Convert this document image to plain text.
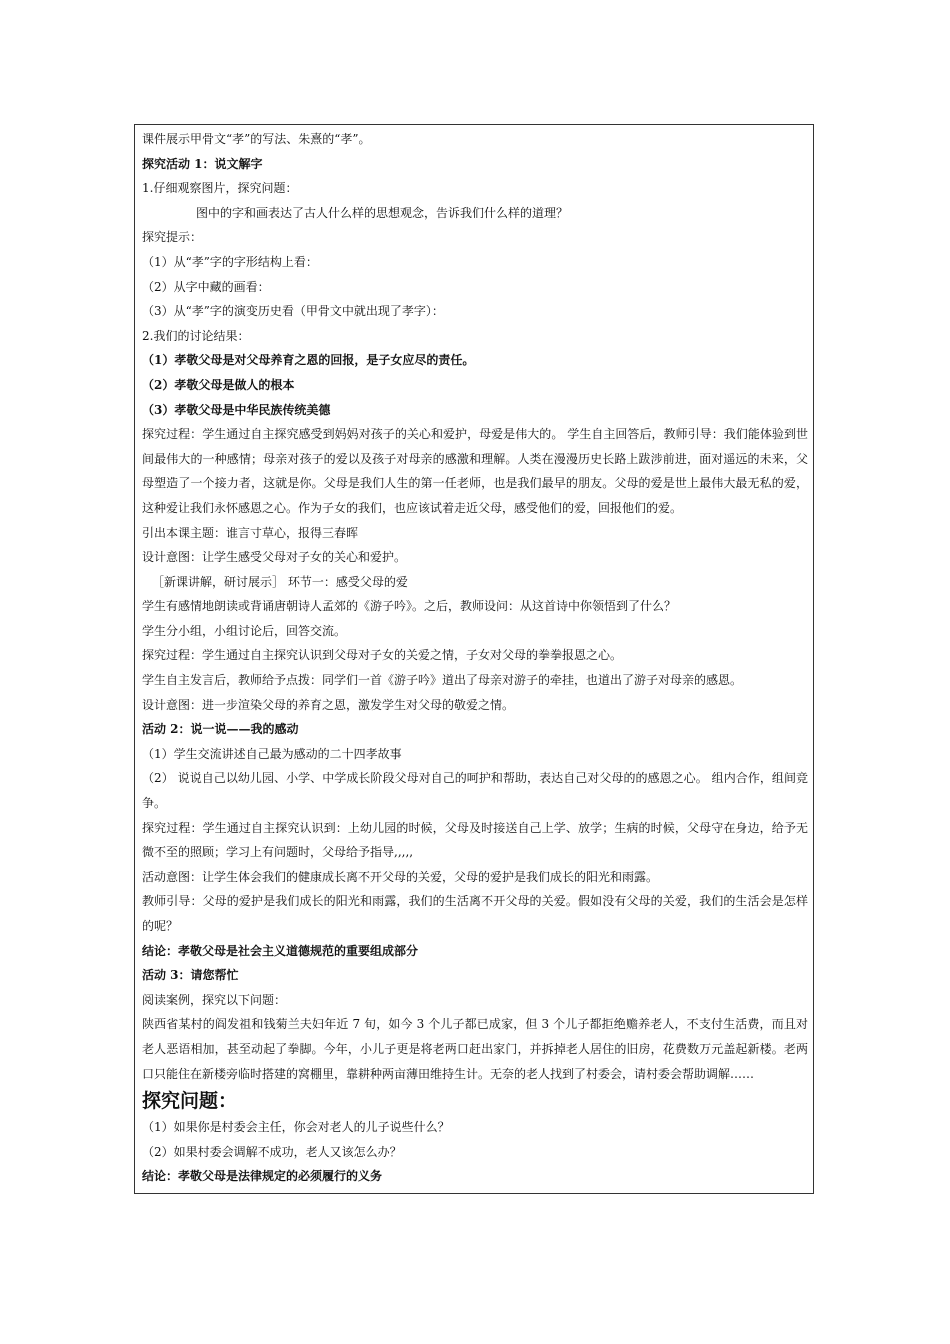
课件展示甲骨文“孝”的写法、朱熹的“孝”。
探究活动 1：说文解字
1.仔细观察图片，探究问题：
图中的字和画表达了古人什么样的思想观念，告诉我们什么样的道理？
探究提示：
（1）从“孝”字的字形结构上看：
（2）从字中藏的画看：
（3）从“孝”字的演变历史看（甲骨文中就出现了孝字）：
2.我们的讨论结果：
（1）孝敬父母是对父母养育之恩的回报，是子女应尽的责任。
（2）孝敬父母是做人的根本
（3）孝敬父母是中华民族传统美德
探究过程：学生通过自主探究感受到妈妈对孩子的关心和爱护，母爱是伟大的。 学生自主回答后，教师引导：我们能体验到世间最伟大的一种感情；母亲对孩子的爱以及孩子对母亲的感激和理解。人类在漫漫历史长路上跋涉前进，面对遥远的未来，父母塑造了一个接力者，这就是你。父母是我们人生的第一任老师，也是我们最早的朋友。父母的爱是世上最伟大最无私的爱，这种爱让我们永怀感恩之心。作为子女的我们，也应该试着走近父母，感受他们的爱，回报他们的爱。
引出本课主题：谁言寸草心，报得三春晖
设计意图：让学生感受父母对子女的关心和爱护。
［新课讲解，研讨展示］ 环节一：感受父母的爱
学生有感情地朗读或背诵唐朝诗人孟郊的《游子吟》。之后，教师设问：从这首诗中你领悟到了什么？
学生分小组，小组讨论后，回答交流。
探究过程：学生通过自主探究认识到父母对子女的关爱之情，子女对父母的拳拳报恩之心。
学生自主发言后，教师给予点拨：同学们一首《游子吟》道出了母亲对游子的牵挂，也道出了游子对母亲的感恩。
设计意图：进一步渲染父母的养育之恩，激发学生对父母的敬爱之情。
活动 2：说一说——我的感动
（1）学生交流讲述自己最为感动的二十四孝故事
（2） 说说自己以幼儿园、小学、中学成长阶段父母对自己的呵护和帮助，表达自己对父母的的感恩之心。 组内合作，组间竞争。
探究过程：学生通过自主探究认识到：上幼儿园的时候，父母及时接送自己上学、放学；生病的时候，父母守在身边，给予无微不至的照顾；学习上有问题时，父母给予指导,,,,,
活动意图：让学生体会我们的健康成长离不开父母的关爱，父母的爱护是我们成长的阳光和雨露。
教师引导：父母的爱护是我们成长的阳光和雨露，我们的生活离不开父母的关爱。假如没有父母的关爱，我们的生活会是怎样的呢？
结论：孝敬父母是社会主义道德规范的重要组成部分
活动 3：请您帮忙
阅读案例，探究以下问题：
陕西省某村的阎发祖和钱菊兰夫妇年近 7 旬，如今 3 个儿子都已成家，但 3 个儿子都拒绝赡养老人，不支付生活费，而且对老人恶语相加，甚至动起了拳脚。今年，小儿子更是将老两口赶出家门，并拆掉老人居住的旧房，花费数万元盖起新楼。老两口只能住在新楼旁临时搭建的窝棚里，靠耕种两亩薄田维持生计。无奈的老人找到了村委会，请村委会帮助调解……
探究问题：
（1）如果你是村委会主任，你会对老人的儿子说些什么？
（2）如果村委会调解不成功，老人又该怎么办？
结论：孝敬父母是法律规定的必须履行的义务
